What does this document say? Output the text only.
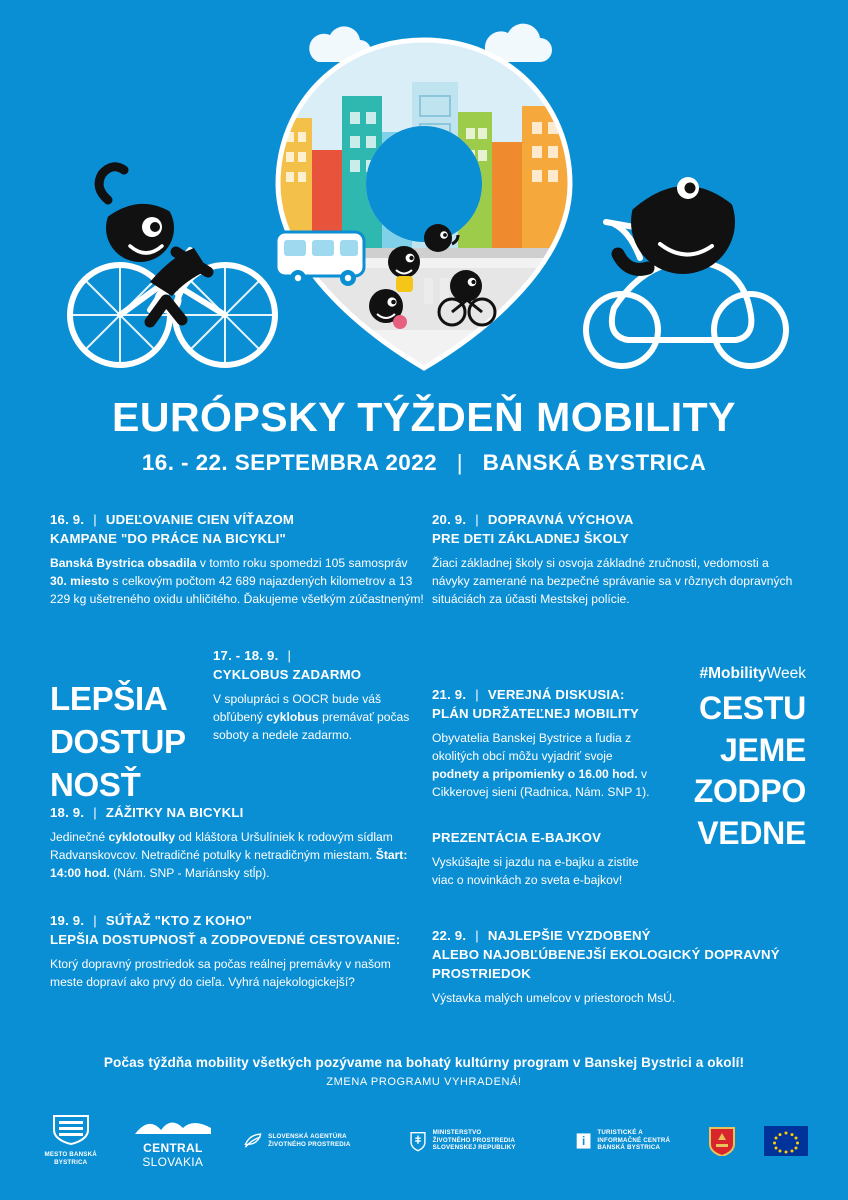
EURÓPSKY TÝŽDEŇ MOBILITY
16. - 22. SEPTEMBRA 2022 | BANSKÁ BYSTRICA
16. 9. | UDEĽOVANIE CIEN VÍŤAZOM
KAMPANE "DO PRÁCE NA BICYKLI"
Banská Bystrica obsadila v tomto roku spomedzi 105 samospráv 30. miesto s celkovým počtom 42 689 najazdených kilometrov a 13 229 kg ušetreného oxidu uhličitého. Ďakujeme všetkým zúčastneným!
LEPŠIA
DOSTUP
NOSŤ
17. - 18. 9. |
CYKLOBUS ZADARMO
V spolupráci s OOCR bude váš obľúbený cyklobus premávať počas soboty a nedele zadarmo.
18. 9. | ZÁŽITKY NA BICYKLI
Jedinečné cyklotoulky od kláštora Uršulíniek k rodovým sídlam Radvanskovcov. Netradičné potulky k netradičným miestam. Štart: 14:00 hod. (Nám. SNP - Mariánsky stĺp).
19. 9. | SÚŤAŽ "KTO Z KOHO"
LEPŠIA DOSTUPNOSŤ a ZODPOVEDNÉ CESTOVANIE:
Ktorý dopravný prostriedok sa počas reálnej premávky v našom meste dopraví ako prvý do cieľa. Vyhrá najekologickejší?
20. 9. | DOPRAVNÁ VÝCHOVA
PRE DETI ZÁKLADNEJ ŠKOLY
Žiaci základnej školy si osvoja základné zručnosti, vedomosti a návyky zamerané na bezpečné správanie sa v rôznych dopravných situáciách za účasti Mestskej polície.
#MobilityWeek
CESTU
JEME
ZODPO
VEDNE
21. 9. | VEREJNÁ DISKUSIA:
PLÁN UDRŽATEĽNEJ MOBILITY
Obyvatelia Banskej Bystrice a ľudia z okolitých obcí môžu vyjadriť svoje podnety a pripomienky o 16.00 hod. v Cikkerovej sieni (Radnica, Nám. SNP 1).
PREZENTÁCIA E-BAJKOV
Vyskúšajte si jazdu na e-bajku a zistite viac o novinkách zo sveta e-bajkov!
22. 9. | NAJLEPŠIE VYZDOBENÝ
ALEBO NAJOBĽÚBENEJŠÍ EKOLOGICKÝ DOPRAVNÝ PROSTRIEDOK
Výstavka malých umelcov v priestoroch MsÚ.
Počas týždňa mobility všetkých pozývame na bohatý kultúrny program v Banskej Bystrici a okolí!
ZMENA PROGRAMU VYHRADENÁ!
MESTO BANSKÁ BYSTRICA
CENTRAL SLOVAKIA
SLOVENSKÁ AGENTÚRA ŽIVOTNÉHO PROSTREDIA
MINISTERSTVO
ŽIVOTNÉHO PROSTREDIA SLOVENSKEJ REPUBLIKY
i
TURISTICKÉ A INFORMAČNÉ CENTRÁ
BANSKÁ BYSTRICA
